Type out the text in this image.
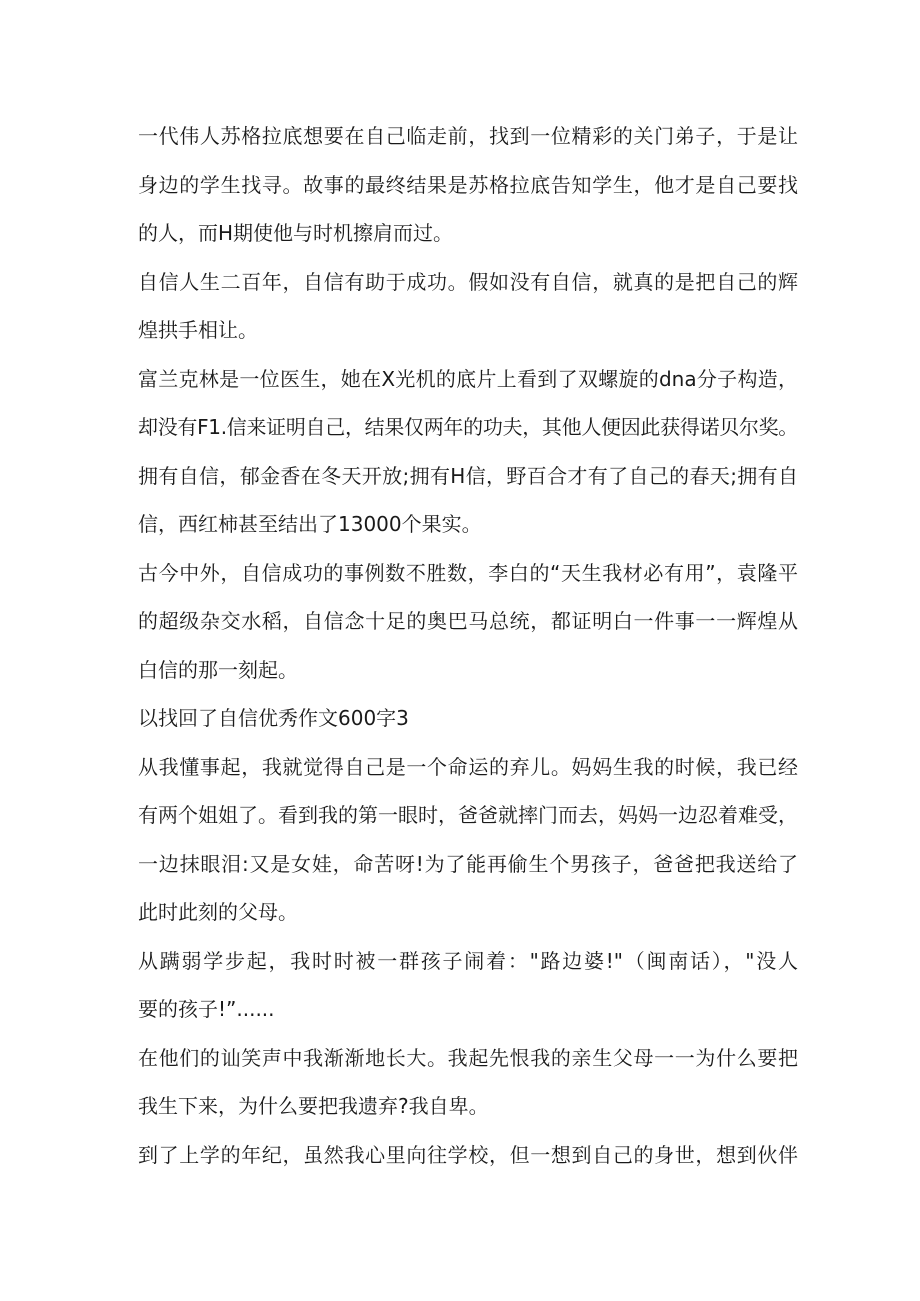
一代伟人苏格拉底想要在自己临走前，找到一位精彩的关门弟子，于是让
身边的学生找寻。故事的最终结果是苏格拉底告知学生，他才是自己要找
的人，而H期使他与时机擦肩而过。
自信人生二百年，自信有助于成功。假如没有自信，就真的是把自己的辉
煌拱手相让。
富兰克林是一位医生，她在X光机的底片上看到了双螺旋的dna分子构造，
却没有F1.信来证明自己，结果仅两年的功夫，其他人便因此获得诺贝尔奖。
拥有自信，郁金香在冬天开放;拥有H信，野百合才有了自己的春天;拥有自
信，西红柿甚至结出了13000个果实。
古今中外，自信成功的事例数不胜数，李白的“天生我材必有用”，袁隆平
的超级杂交水稻，自信念十足的奥巴马总统，都证明白一件事一一辉煌从
白信的那一刻起。
以找回了自信优秀作文600字3
从我懂事起，我就觉得自己是一个命运的弃儿。妈妈生我的时候，我已经
有两个姐姐了。看到我的第一眼时，爸爸就摔门而去，妈妈一边忍着难受，
一边抹眼泪:又是女娃，命苦呀!为了能再偷生个男孩子，爸爸把我送给了
此时此刻的父母。
从蹒弱学步起，我时时被一群孩子闹着："路边婆!"（闽南话），"没人
要的孩子!”......
在他们的讪笑声中我渐渐地长大。我起先恨我的亲生父母一一为什么要把
我生下来，为什么要把我遗弃?我自卑。
到了上学的年纪，虽然我心里向往学校，但一想到自己的身世，想到伙伴
